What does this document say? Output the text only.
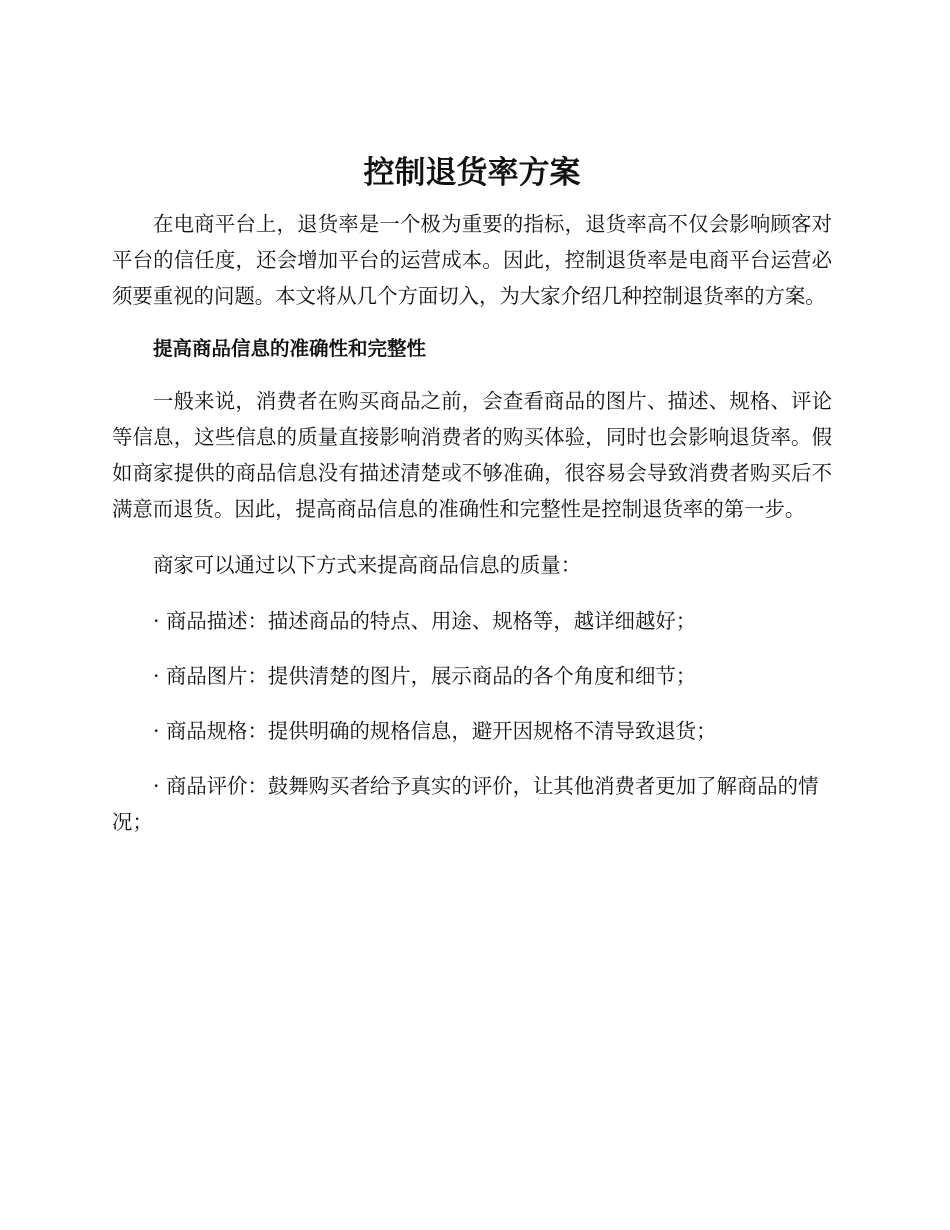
控制退货率方案

在电商平台上，退货率是一个极为重要的指标，退货率高不仅会影响顾客对平台的信任度，还会增加平台的运营成本。因此，控制退货率是电商平台运营必须要重视的问题。本文将从几个方面切入，为大家介绍几种控制退货率的方案。

提高商品信息的准确性和完整性

一般来说，消费者在购买商品之前，会查看商品的图片、描述、规格、评论等信息，这些信息的质量直接影响消费者的购买体验，同时也会影响退货率。假如商家提供的商品信息没有描述清楚或不够准确，很容易会导致消费者购买后不满意而退货。因此，提高商品信息的准确性和完整性是控制退货率的第一步。

商家可以通过以下方式来提高商品信息的质量：

· 商品描述：描述商品的特点、用途、规格等，越详细越好；

· 商品图片：提供清楚的图片，展示商品的各个角度和细节；

· 商品规格：提供明确的规格信息，避开因规格不清导致退货；

· 商品评价：鼓舞购买者给予真实的评价，让其他消费者更加了解商品的情况；
